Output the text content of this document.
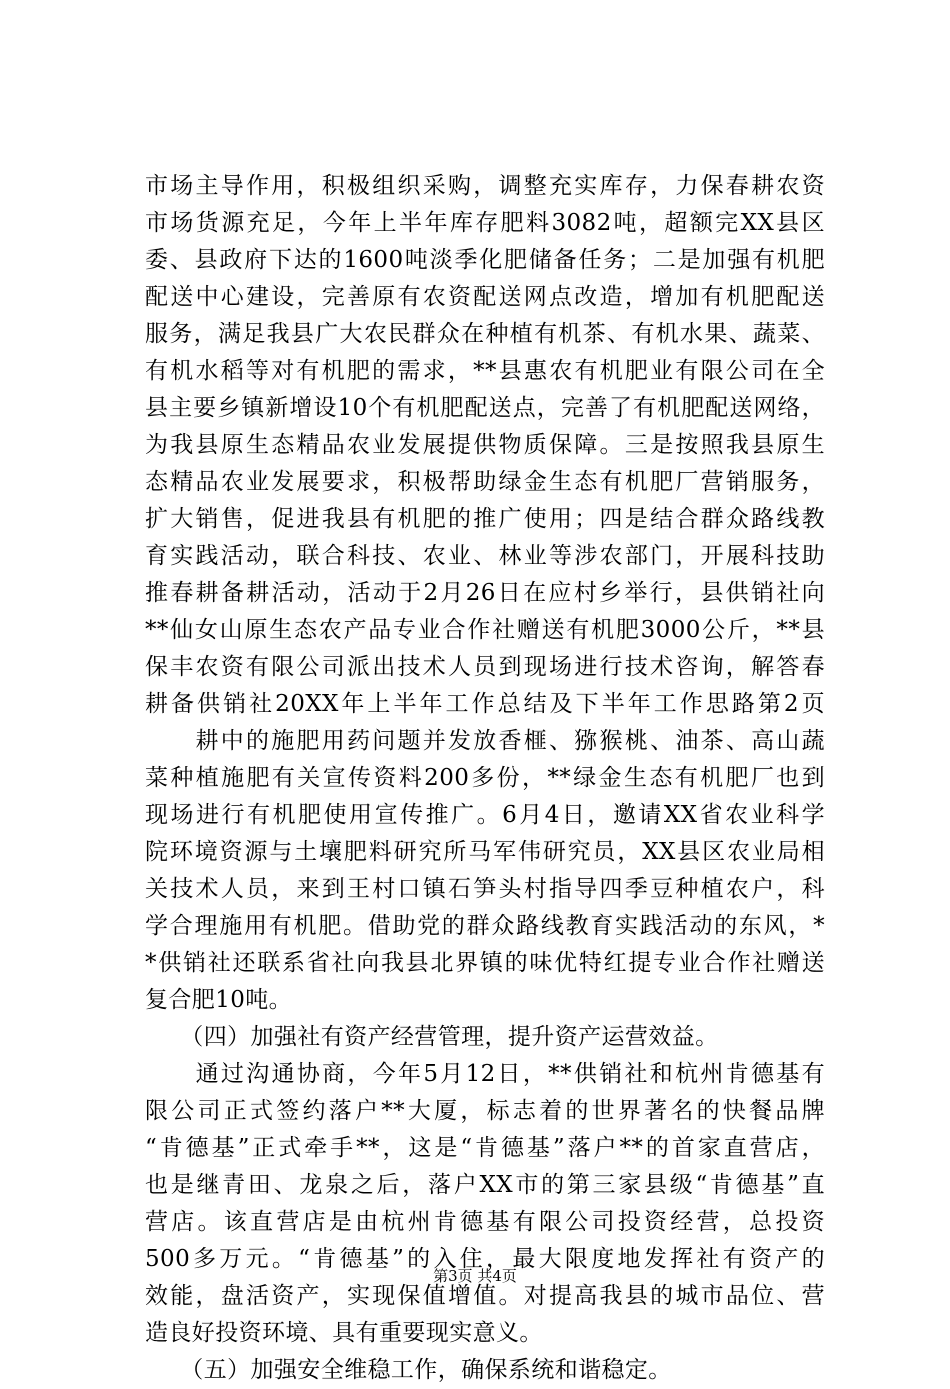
市场主导作用，积极组织采购，调整充实库存，力保春耕农资
市场货源充足，今年上半年库存肥料3082吨，超额完XX县区
委、县政府下达的1600吨淡季化肥储备任务；二是加强有机肥
配送中心建设，完善原有农资配送网点改造，增加有机肥配送
服务，满足我县广大农民群众在种植有机茶、有机水果、蔬菜、
有机水稻等对有机肥的需求，**县惠农有机肥业有限公司在全
县主要乡镇新增设10个有机肥配送点，完善了有机肥配送网络，
为我县原生态精品农业发展提供物质保障。三是按照我县原生
态精品农业发展要求，积极帮助绿金生态有机肥厂营销服务，
扩大销售，促进我县有机肥的推广使用；四是结合群众路线教
育实践活动，联合科技、农业、林业等涉农部门，开展科技助
推春耕备耕活动，活动于2月26日在应村乡举行，县供销社向
**仙女山原生态农产品专业合作社赠送有机肥3000公斤，**县
保丰农资有限公司派出技术人员到现场进行技术咨询，解答春
耕备供销社20XX年上半年工作总结及下半年工作思路第2页
　　耕中的施肥用药问题并发放香榧、猕猴桃、油茶、高山蔬
菜种植施肥有关宣传资料200多份，**绿金生态有机肥厂也到
现场进行有机肥使用宣传推广。6月4日，邀请XX省农业科学
院环境资源与土壤肥料研究所马军伟研究员，XX县区农业局相
关技术人员，来到王村口镇石笋头村指导四季豆种植农户，科
学合理施用有机肥。借助党的群众路线教育实践活动的东风，*
*供销社还联系省社向我县北界镇的味优特红提专业合作社赠送
复合肥10吨。
　　（四）加强社有资产经营管理，提升资产运营效益。
　　通过沟通协商，今年5月12日，**供销社和杭州肯德基有
限公司正式签约落户**大厦，标志着的世界著名的快餐品牌
“肯德基”正式牵手**，这是“肯德基”落户**的首家直营店，
也是继青田、龙泉之后，落户XX市的第三家县级“肯德基”直
营店。该直营店是由杭州肯德基有限公司投资经营，总投资
500多万元。“肯德基”的入住，最大限度地发挥社有资产的
效能，盘活资产，实现保值增值。对提高我县的城市品位、营
造良好投资环境、具有重要现实意义。
　　（五）加强安全维稳工作，确保系统和谐稳定。
第3页 共4页
